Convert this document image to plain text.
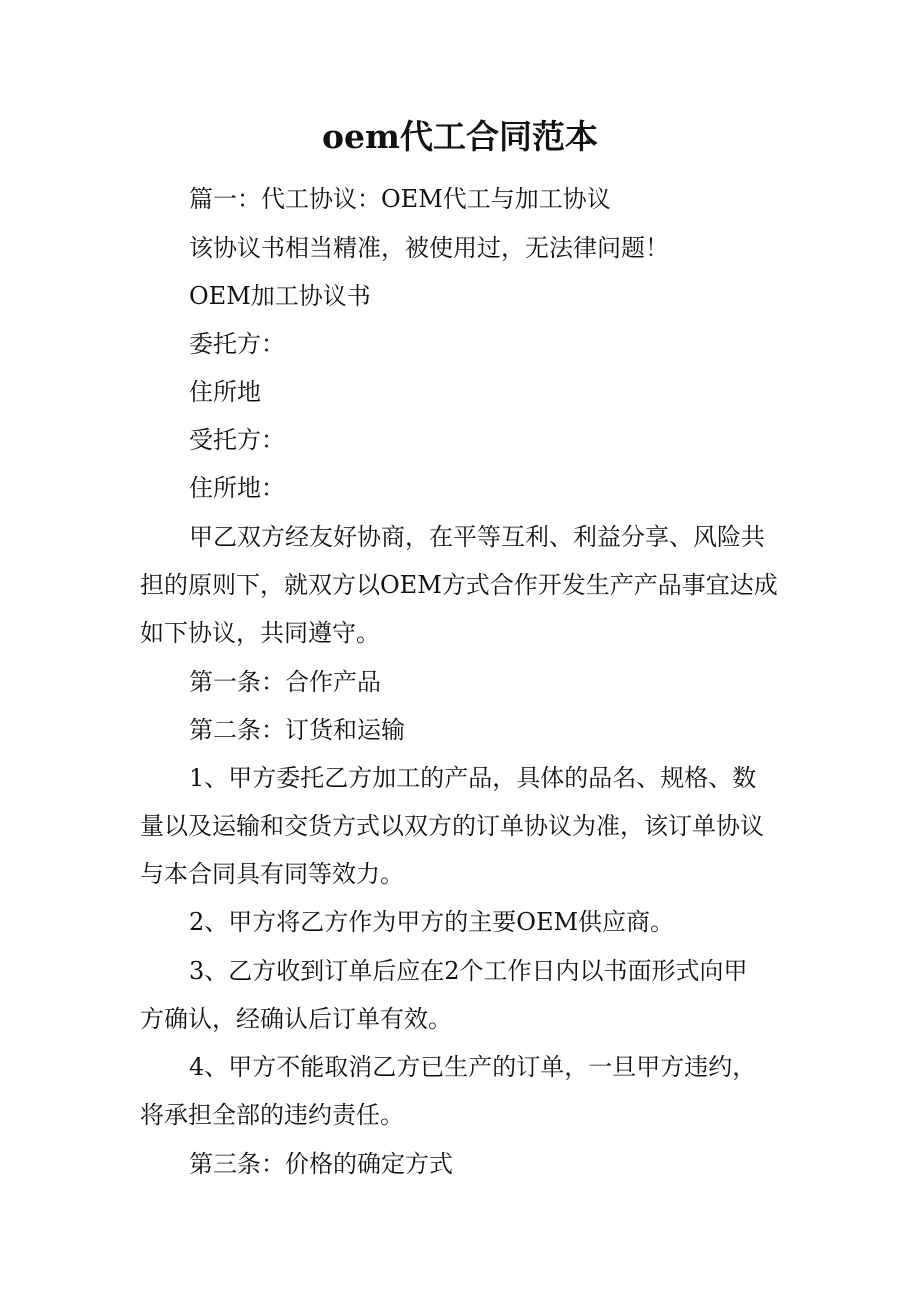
oem代工合同范本
篇一：代工协议：OEM代工与加工协议
该协议书相当精准，被使用过，无法律问题！
OEM加工协议书
委托方：
住所地
受托方：
住所地：
甲乙双方经友好协商，在平等互利、利益分享、风险共
担的原则下，就双方以OEM方式合作开发生产产品事宜达成
如下协议，共同遵守。
第一条：合作产品
第二条：订货和运输
1、甲方委托乙方加工的产品，具体的品名、规格、数
量以及运输和交货方式以双方的订单协议为准，该订单协议
与本合同具有同等效力。
2、甲方将乙方作为甲方的主要OEM供应商。
3、乙方收到订单后应在2个工作日内以书面形式向甲
方确认，经确认后订单有效。
4、甲方不能取消乙方已生产的订单，一旦甲方违约，
将承担全部的违约责任。
第三条：价格的确定方式
